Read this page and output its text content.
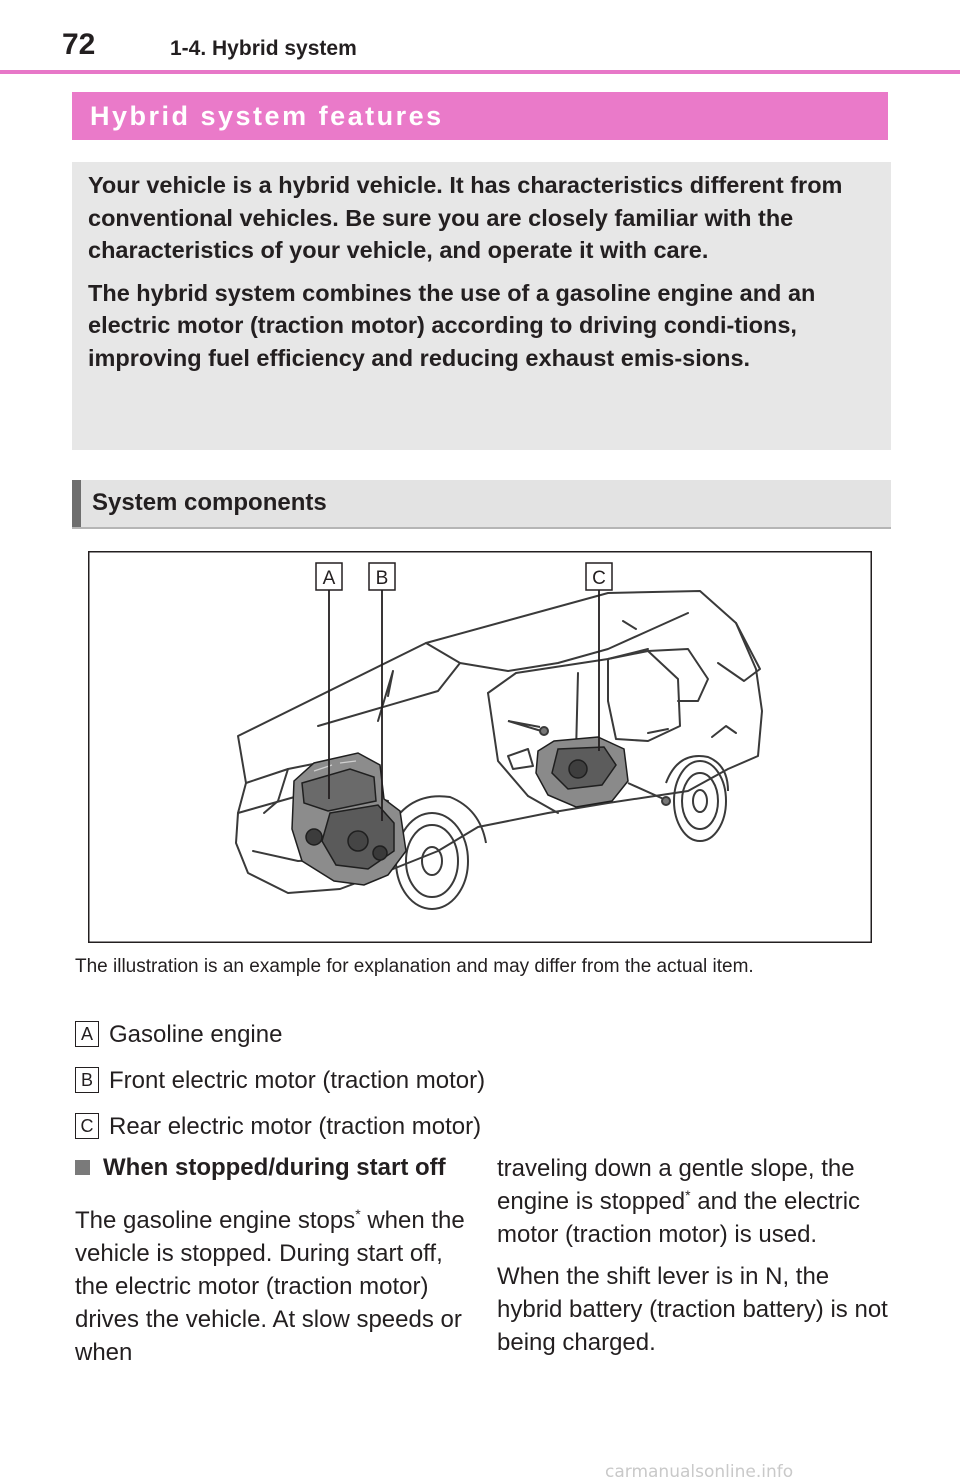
72	1-4. Hybrid system
Hybrid system features

Your vehicle is a hybrid vehicle. It has characteristics different from conventional vehicles. Be sure you are closely familiar with the characteristics of your vehicle, and operate it with care.

The hybrid system combines the use of a gasoline engine and an electric motor (traction motor) according to driving condi-tions, improving fuel efficiency and reducing exhaust emis-sions.

System components
A B	C
The illustration is an example for explanation and may differ from the actual item.
A Gasoline engine
B Front electric motor (traction motor)
C Rear electric motor (traction motor)
When stopped/during start off

The gasoline engine stops* when the vehicle is stopped. During start off, the electric motor (traction motor) drives the vehicle. At slow speeds or when

traveling down a gentle slope, the engine is stopped* and the electric motor (traction motor) is used.

When the shift lever is in N, the hybrid battery (traction battery) is not being charged.

carmanualsonline.info
